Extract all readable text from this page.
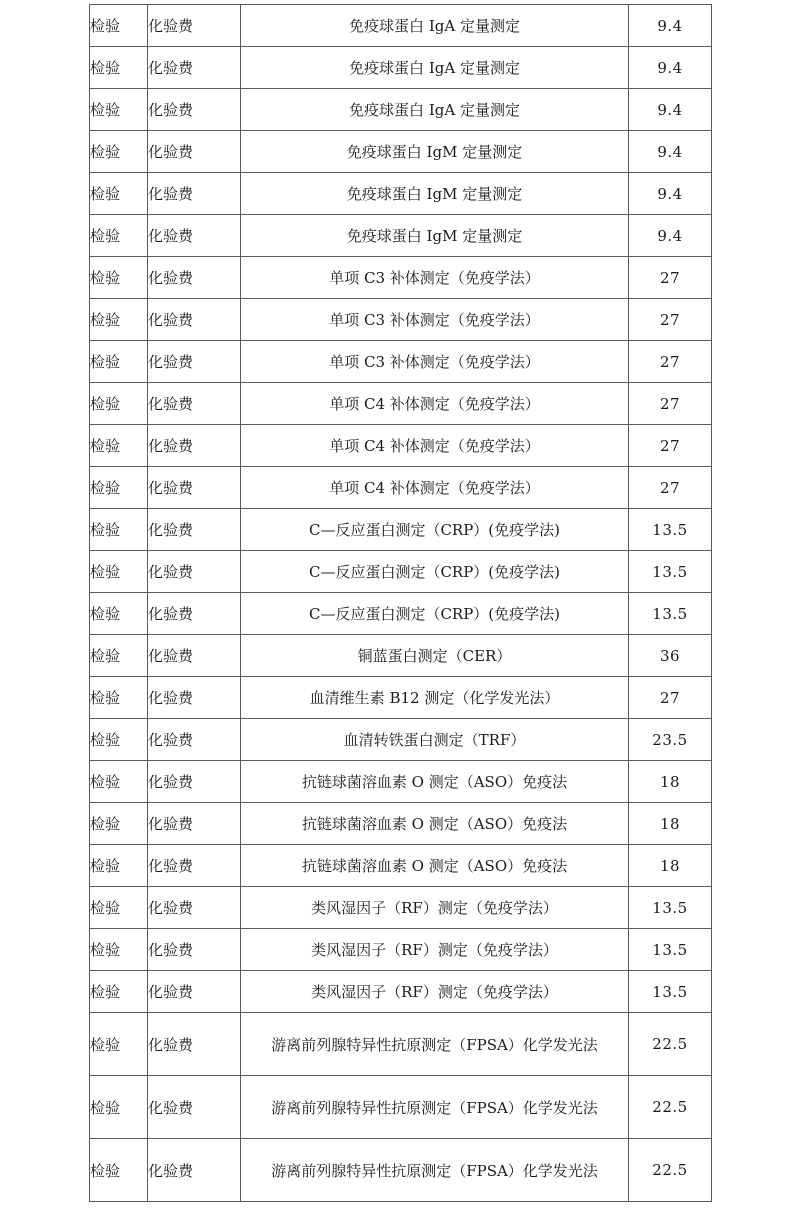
检验	化验费	免疫球蛋白 IgA 定量测定	9.4
检验	化验费	免疫球蛋白 IgA 定量测定	9.4
检验	化验费	免疫球蛋白 IgA 定量测定	9.4
检验	化验费	免疫球蛋白 IgM 定量测定	9.4
检验	化验费	免疫球蛋白 IgM 定量测定	9.4
检验	化验费	免疫球蛋白 IgM 定量测定	9.4
检验	化验费	单项 C3 补体测定（免疫学法）	27
检验	化验费	单项 C3 补体测定（免疫学法）	27
检验	化验费	单项 C3 补体测定（免疫学法）	27
检验	化验费	单项 C4 补体测定（免疫学法）	27
检验	化验费	单项 C4 补体测定（免疫学法）	27
检验	化验费	单项 C4 补体测定（免疫学法）	27
检验	化验费	C—反应蛋白测定（CRP）(免疫学法)	13.5
检验	化验费	C—反应蛋白测定（CRP）(免疫学法)	13.5
检验	化验费	C—反应蛋白测定（CRP）(免疫学法)	13.5
检验	化验费	铜蓝蛋白测定（CER）	36
检验	化验费	血清维生素 B12 测定（化学发光法）	27
检验	化验费	血清转铁蛋白测定（TRF）	23.5
检验	化验费	抗链球菌溶血素 O 测定（ASO）免疫法	18
检验	化验费	抗链球菌溶血素 O 测定（ASO）免疫法	18
检验	化验费	抗链球菌溶血素 O 测定（ASO）免疫法	18
检验	化验费	类风湿因子（RF）测定（免疫学法）	13.5
检验	化验费	类风湿因子（RF）测定（免疫学法）	13.5
检验	化验费	类风湿因子（RF）测定（免疫学法）	13.5
检验	化验费	游离前列腺特异性抗原测定（FPSA）化学发光法	22.5
检验	化验费	游离前列腺特异性抗原测定（FPSA）化学发光法	22.5
检验	化验费	游离前列腺特异性抗原测定（FPSA）化学发光法	22.5
